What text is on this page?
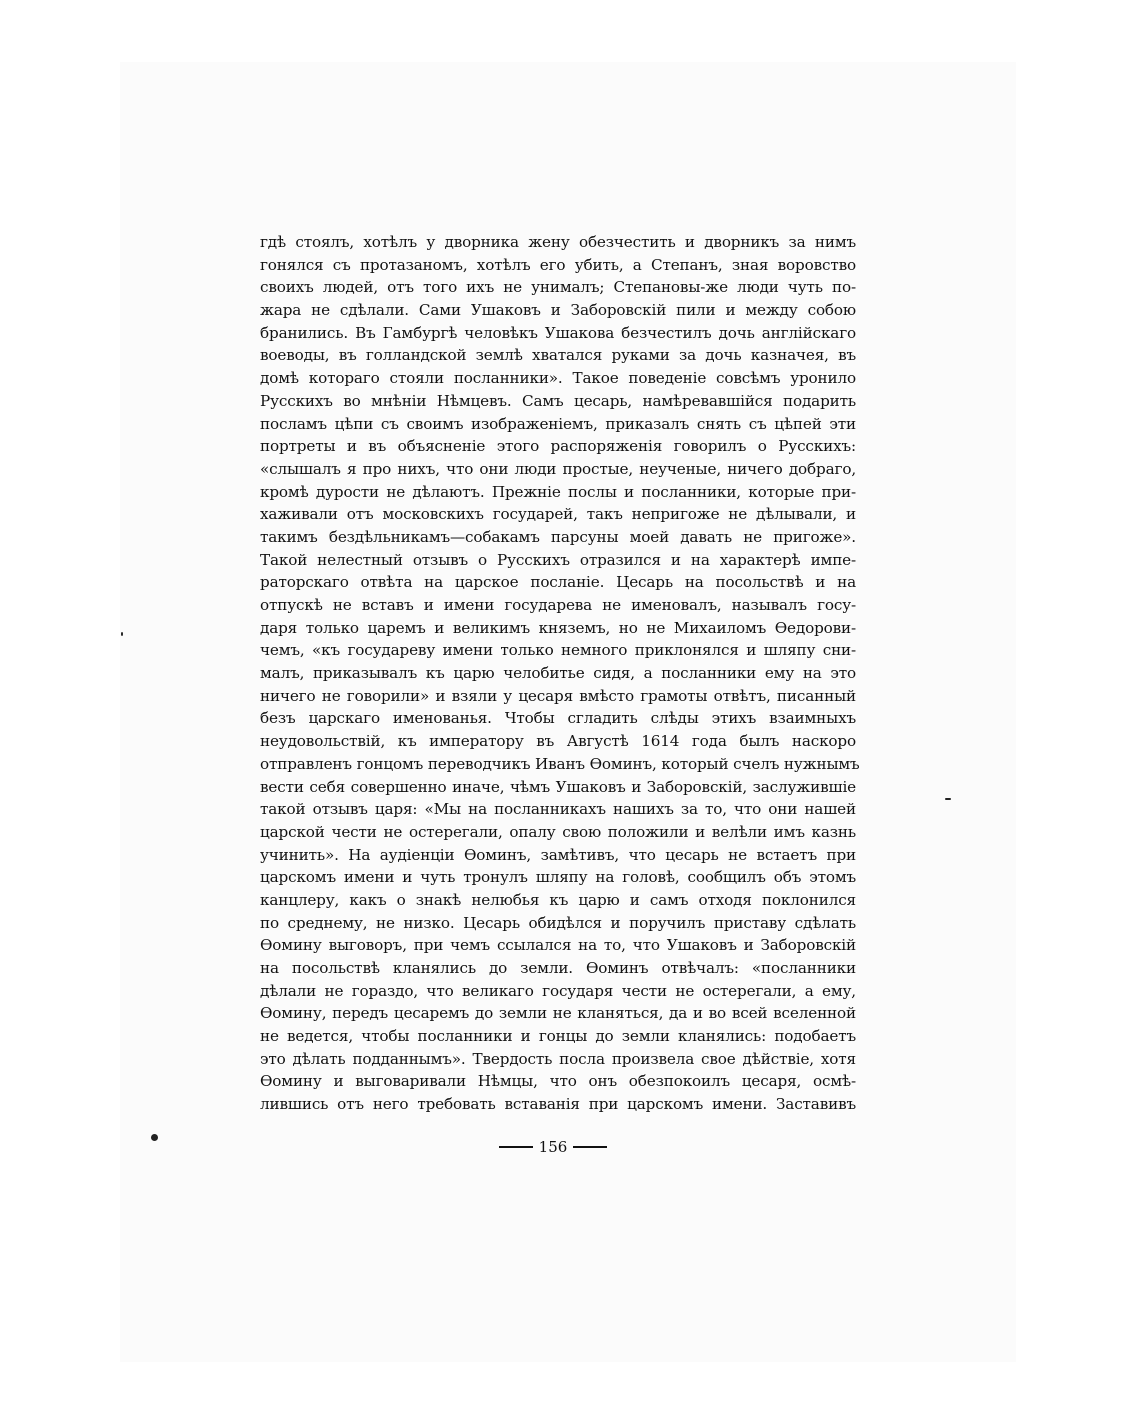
гдѣ стоялъ, хотѣлъ у дворника жену обезчестить и дворникъ за нимъ
гонялся съ протазаномъ, хотѣлъ его убить, а Степанъ, зная воровство
своихъ людей, отъ того ихъ не унималъ; Степановы-же люди чуть по-
жара не сдѣлали. Сами Ушаковъ и Заборовскій пили и между собою
бранились. Въ Гамбургѣ человѣкъ Ушакова безчестилъ дочь англійскаго
воеводы, въ голландской землѣ хватался руками за дочь казначея, въ
домѣ котораго стояли посланники». Такое поведеніе совсѣмъ уронило
Русскихъ во мнѣніи Нѣмцевъ. Самъ цесарь, намѣревавшійся подарить
посламъ цѣпи съ своимъ изображеніемъ, приказалъ снять съ цѣпей эти
портреты и въ объясненіе этого распоряженія говорилъ о Русскихъ:
«слышалъ я про нихъ, что они люди простые, неученые, ничего добраго,
кромѣ дурости не дѣлаютъ. Прежніе послы и посланники, которые при-
хаживали отъ московскихъ государей, такъ непригоже не дѣлывали, и
такимъ бездѣльникамъ—собакамъ парсуны моей давать не пригоже».
Такой нелестный отзывъ о Русскихъ отразился и на характерѣ импе-
раторскаго отвѣта на царское посланіе. Цесарь на посольствѣ и на
отпускѣ не вставъ и имени государева не именовалъ, называлъ госу-
даря только царемъ и великимъ княземъ, но не Михаиломъ Ѳедорови-
чемъ, «къ государеву имени только немного приклонялся и шляпу сни-
малъ, приказывалъ къ царю челобитье сидя, а посланники ему на это
ничего не говорили» и взяли у цесаря вмѣсто грамоты отвѣтъ, писанный
безъ царскаго именованья. Чтобы сгладить слѣды этихъ взаимныхъ
неудовольствій, къ императору въ Августѣ 1614 года былъ наскоро
отправленъ гонцомъ переводчикъ Иванъ Ѳоминъ, который счелъ нужнымъ
вести себя совершенно иначе, чѣмъ Ушаковъ и Заборовскій, заслужившіе
такой отзывъ царя: «Мы на посланникахъ нашихъ за то, что они нашей
царской чести не остерегали, опалу свою положили и велѣли имъ казнь
учинить». На аудіенціи Ѳоминъ, замѣтивъ, что цесарь не встаетъ при
царскомъ имени и чуть тронулъ шляпу на головѣ, сообщилъ объ этомъ
канцлеру, какъ о знакѣ нелюбья къ царю и самъ отходя поклонился
по среднему, не низко. Цесарь обидѣлся и поручилъ приставу сдѣлать
Ѳомину выговоръ, при чемъ ссылался на то, что Ушаковъ и Заборовскій
на посольствѣ кланялись до земли. Ѳоминъ отвѣчалъ: «посланники
дѣлали не гораздо, что великаго государя чести не остерегали, а ему,
Ѳомину, передъ цесаремъ до земли не кланяться, да и во всей вселенной
не ведется, чтобы посланники и гонцы до земли кланялись: подобаетъ
это дѣлать подданнымъ». Твердость посла произвела свое дѣйствіе, хотя
Ѳомину и выговаривали Нѣмцы, что онъ обезпокоилъ цесаря, осмѣ-
лившись отъ него требовать вставанія при царскомъ имени. Заставивъ
156
